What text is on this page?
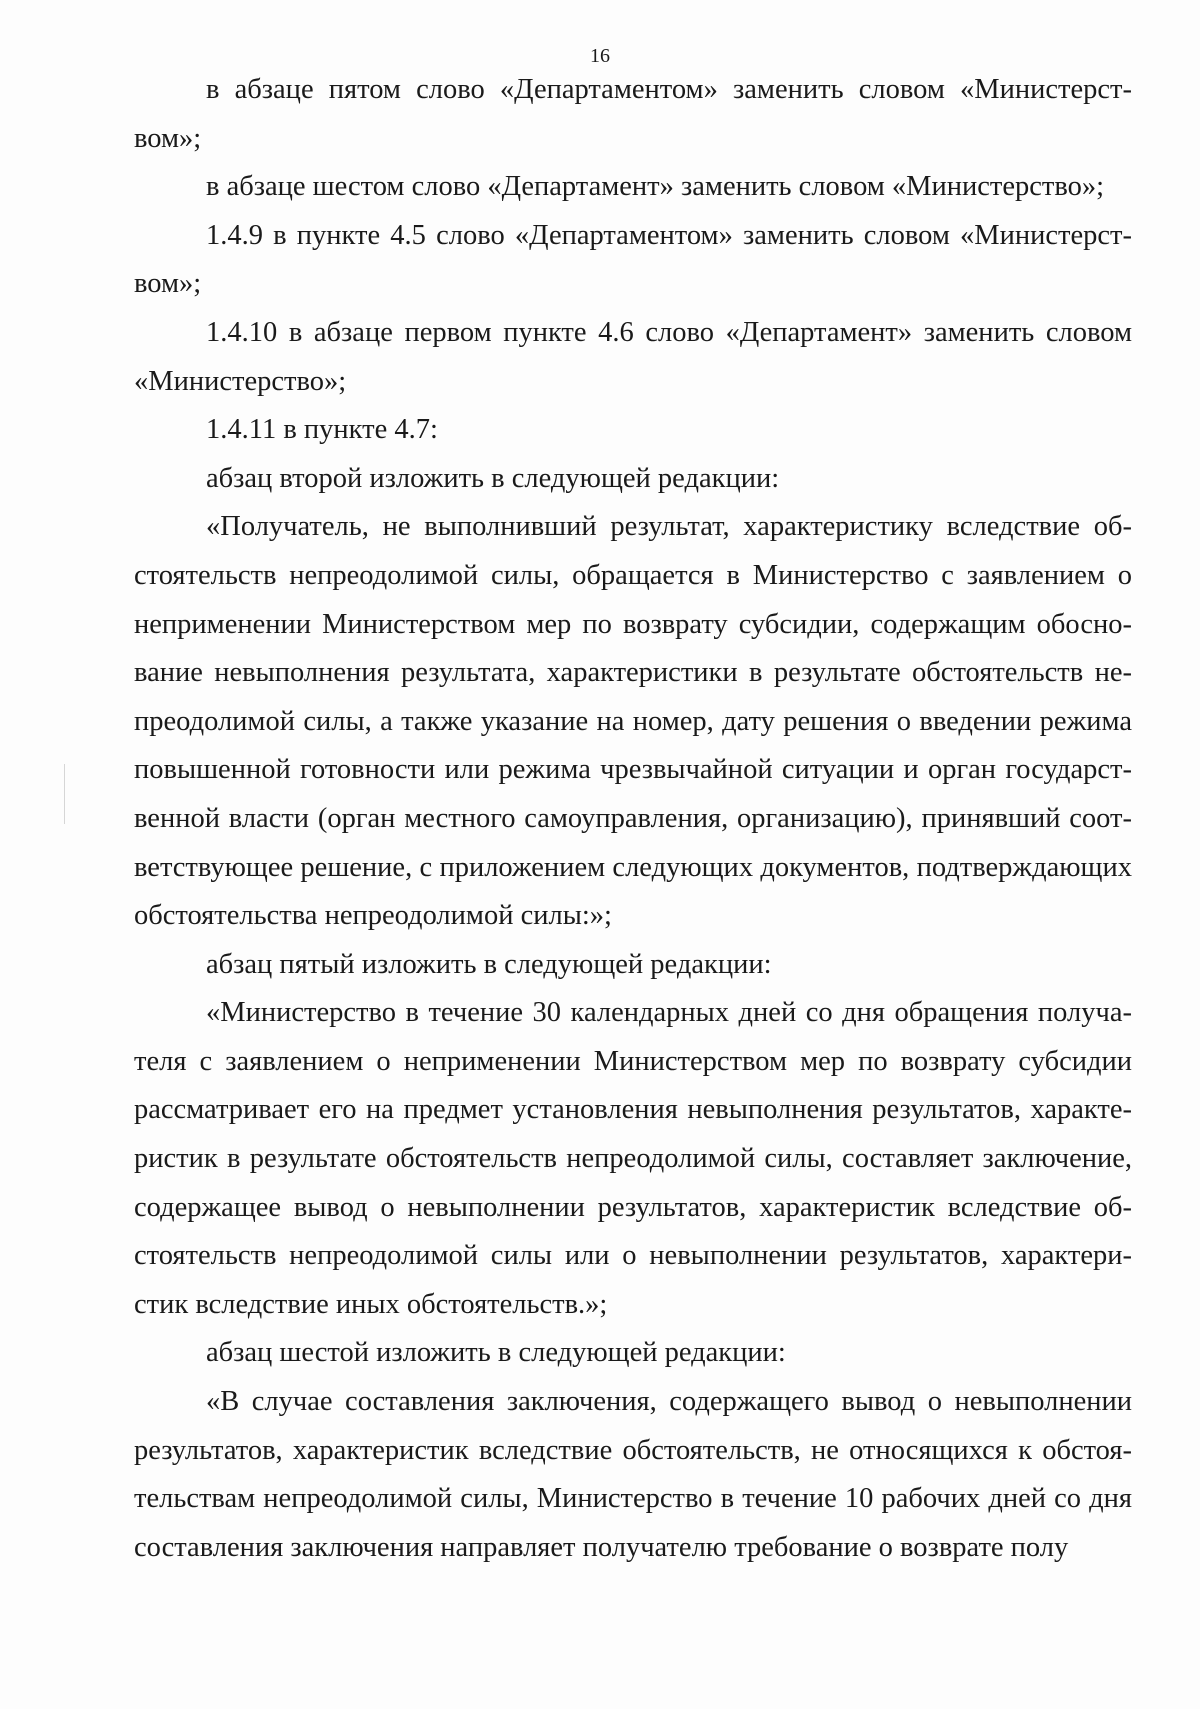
16

в абзаце пятом слово «Департаментом» заменить словом «Министерством»;

в абзаце шестом слово «Департамент» заменить словом «Министерство»;

1.4.9 в пункте 4.5 слово «Департаментом» заменить словом «Министерством»;

1.4.10 в абзаце первом пункте 4.6 слово «Департамент» заменить словом «Министерство»;

1.4.11 в пункте 4.7:

абзац второй изложить в следующей редакции:

«Получатель, не выполнивший результат, характеристику вследствие обстоятельств непреодолимой силы, обращается в Министерство с заявлением о неприменении Министерством мер по возврату субсидии, содержащим обоснование невыполнения результата, характеристики в результате обстоятельств непреодолимой силы, а также указание на номер, дату решения о введении режима повышенной готовности или режима чрезвычайной ситуации и орган государственной власти (орган местного самоуправления, организацию), принявший соответствующее решение, с приложением следующих документов, подтверждающих обстоятельства непреодолимой силы:»;

абзац пятый изложить в следующей редакции:

«Министерство в течение 30 календарных дней со дня обращения получателя с заявлением о неприменении Министерством мер по возврату субсидии рассматривает его на предмет установления невыполнения результатов, характеристик в результате обстоятельств непреодолимой силы, составляет заключение, содержащее вывод о невыполнении результатов, характеристик вследствие обстоятельств непреодолимой силы или о невыполнении результатов, характеристик вследствие иных обстоятельств.»;

абзац шестой изложить в следующей редакции:

«В случае составления заключения, содержащего вывод о невыполнении результатов, характеристик вследствие обстоятельств, не относящихся к обстоятельствам непреодолимой силы, Министерство в течение 10 рабочих дней со дня составления заключения направляет получателю требование о возврате полу
